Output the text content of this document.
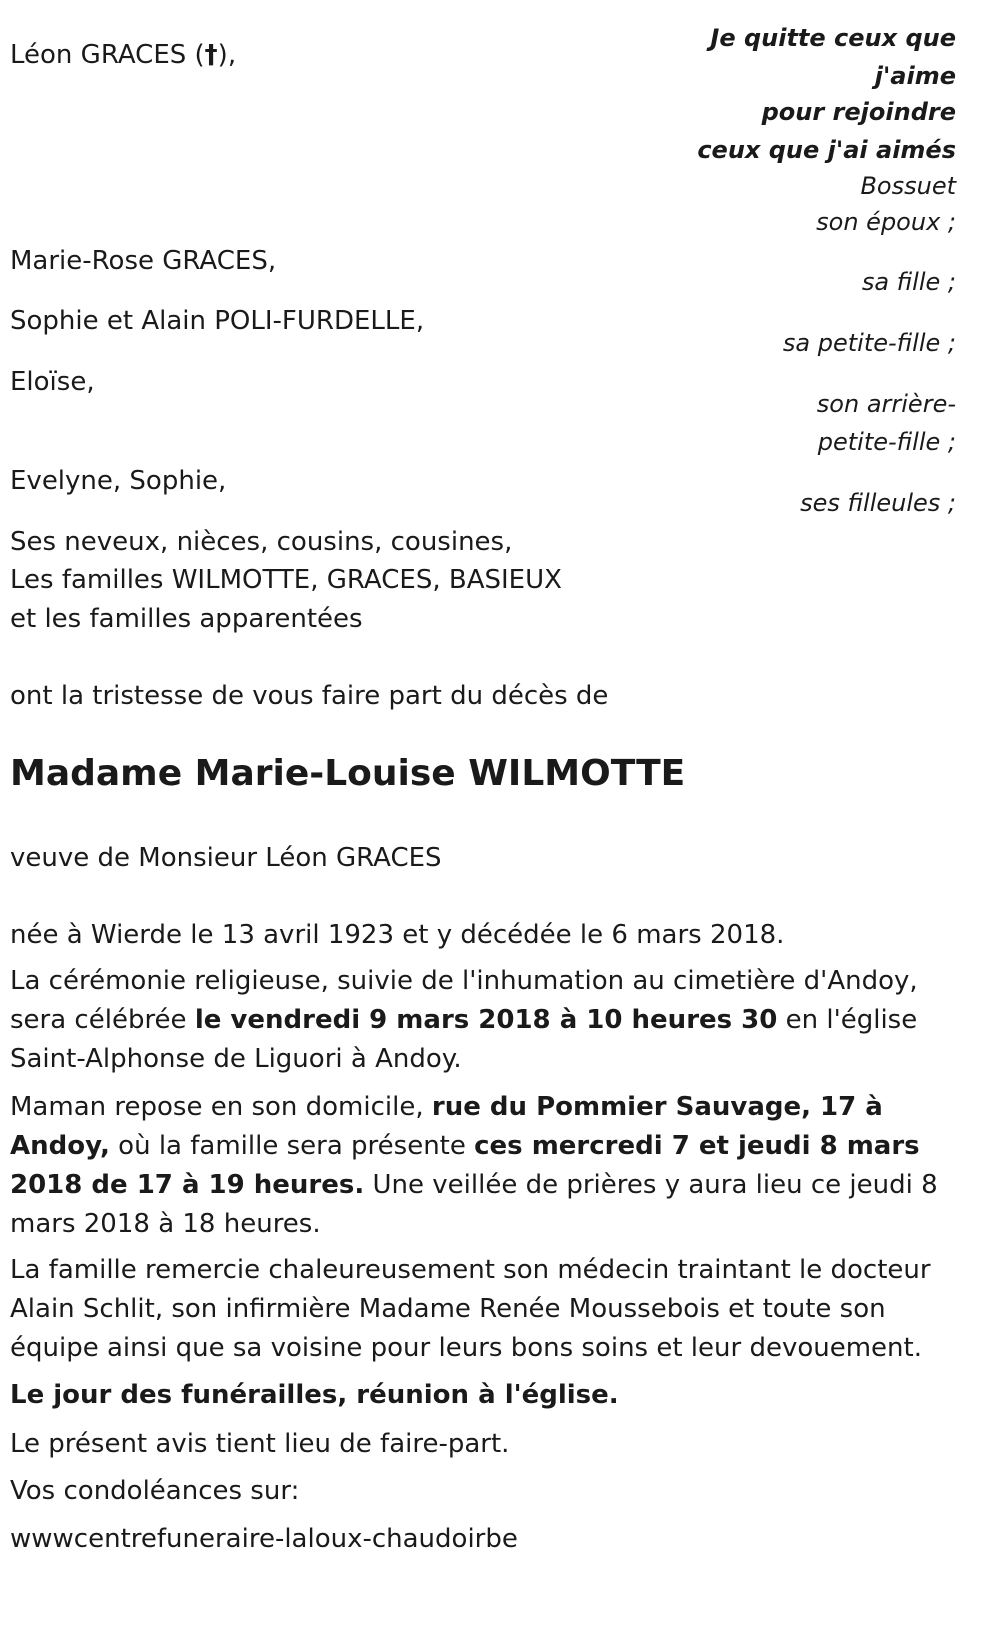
Je quitte ceux que
j'aime
pour rejoindre
ceux que j'ai aimés
Bossuet
Léon GRACES (†),
son époux ;
Marie-Rose GRACES,
sa fille ;
Sophie et Alain POLI-FURDELLE,
sa petite-fille ;
Eloïse,
son arrière-
petite-fille ;
Evelyne, Sophie,
ses filleules ;
Ses neveux, nièces, cousins, cousines,
Les familles WILMOTTE, GRACES, BASIEUX
et les familles apparentées
ont la tristesse de vous faire part du décès de
Madame Marie-Louise WILMOTTE
veuve de Monsieur Léon GRACES
née à Wierde le 13 avril 1923 et y décédée le 6 mars 2018.
La cérémonie religieuse, suivie de l'inhumation au cimetière d'Andoy, sera célébrée le vendredi 9 mars 2018 à 10 heures 30 en l'église Saint-Alphonse de Liguori à Andoy.
Maman repose en son domicile, rue du Pommier Sauvage, 17 à Andoy, où la famille sera présente ces mercredi 7 et jeudi 8 mars 2018 de 17 à 19 heures. Une veillée de prières y aura lieu ce jeudi 8 mars 2018 à 18 heures.
La famille remercie chaleureusement son médecin traintant le docteur Alain Schlit, son infirmière Madame Renée Moussebois et toute son équipe ainsi que sa voisine pour leurs bons soins et leur devouement.
Le jour des funérailles, réunion à l'église.
Le présent avis tient lieu de faire-part.
Vos condoléances sur:
wwwcentrefuneraire-laloux-chaudoirbe
